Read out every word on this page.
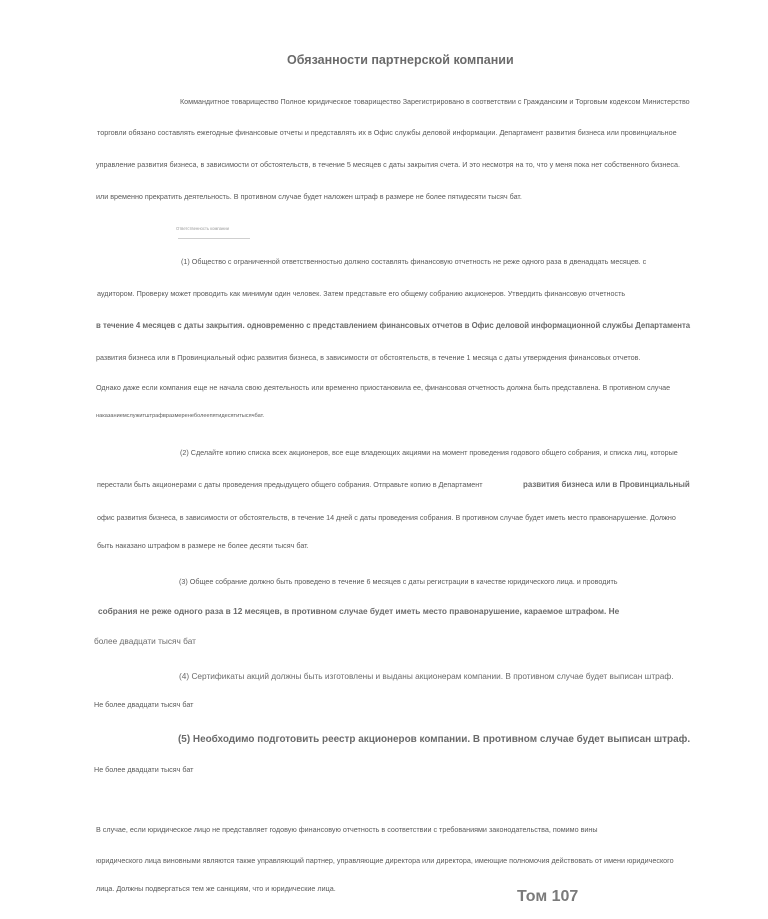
Обязанности партнерской компании
Коммандитное товарищество Полное юридическое товарищество Зарегистрировано в соответствии с Гражданским и Торговым кодексом Министерство
торговли обязано составлять ежегодные финансовые отчеты и представлять их в Офис службы деловой информации. Департамент развития бизнеса или провинциальное
управление развития бизнеса, в зависимости от обстоятельств, в течение 5 месяцев с даты закрытия счета. И это несмотря на то, что у меня пока нет собственного бизнеса.
или временно прекратить деятельность. В противном случае будет наложен штраф в размере не более пятидесяти тысяч бат.
Ответственность компании
(1) Общество с ограниченной ответственностью должно составлять финансовую отчетность не реже одного раза в двенадцать месяцев. с
аудитором. Проверку может проводить как минимум один человек. Затем представьте его общему собранию акционеров. Утвердить финансовую отчетность
в течение 4 месяцев с даты закрытия. одновременно с представлением финансовых отчетов в Офис деловой информационной службы Департамента
развития бизнеса или в Провинциальный офис развития бизнеса, в зависимости от обстоятельств, в течение 1 месяца с даты утверждения финансовых отчетов.
Однако даже если компания еще не начала свою деятельность или временно приостановила ее, финансовая отчетность должна быть представлена. В противном случае
наказаниемслужитштрафвразмеренеболеепятидесятитысячбат.
(2) Сделайте копию списка всех акционеров, все еще владеющих акциями на момент проведения годового общего собрания, и списка лиц, которые
перестали быть акционерами с даты проведения предыдущего общего собрания. Отправьте копию в Департамент	развития бизнеса или в Провинциальный
офис развития бизнеса, в зависимости от обстоятельств, в течение 14 дней с даты проведения собрания. В противном случае будет иметь место правонарушение. Должно
быть наказано штрафом в размере не более десяти тысяч бат.
(3) Общее собрание должно быть проведено в течение 6 месяцев с даты регистрации в качестве юридического лица. и проводить
собрания не реже одного раза в 12 месяцев, в противном случае будет иметь место правонарушение, караемое штрафом. Не
более двадцати тысяч бат
(4) Сертификаты акций должны быть изготовлены и выданы акционерам компании. В противном случае будет выписан штраф.
Не более двадцати тысяч бат
(5) Необходимо подготовить реестр акционеров компании. В противном случае будет выписан штраф.
Не более двадцати тысяч бат
В случае, если юридическое лицо не представляет годовую финансовую отчетность в соответствии с требованиями законодательства, помимо вины
юридического лица виновными являются также управляющий партнер, управляющие директора или директора, имеющие полномочия действовать от имени юридического
лица. Должны подвергаться тем же санкциям, что и юридические лица.	Том 107
